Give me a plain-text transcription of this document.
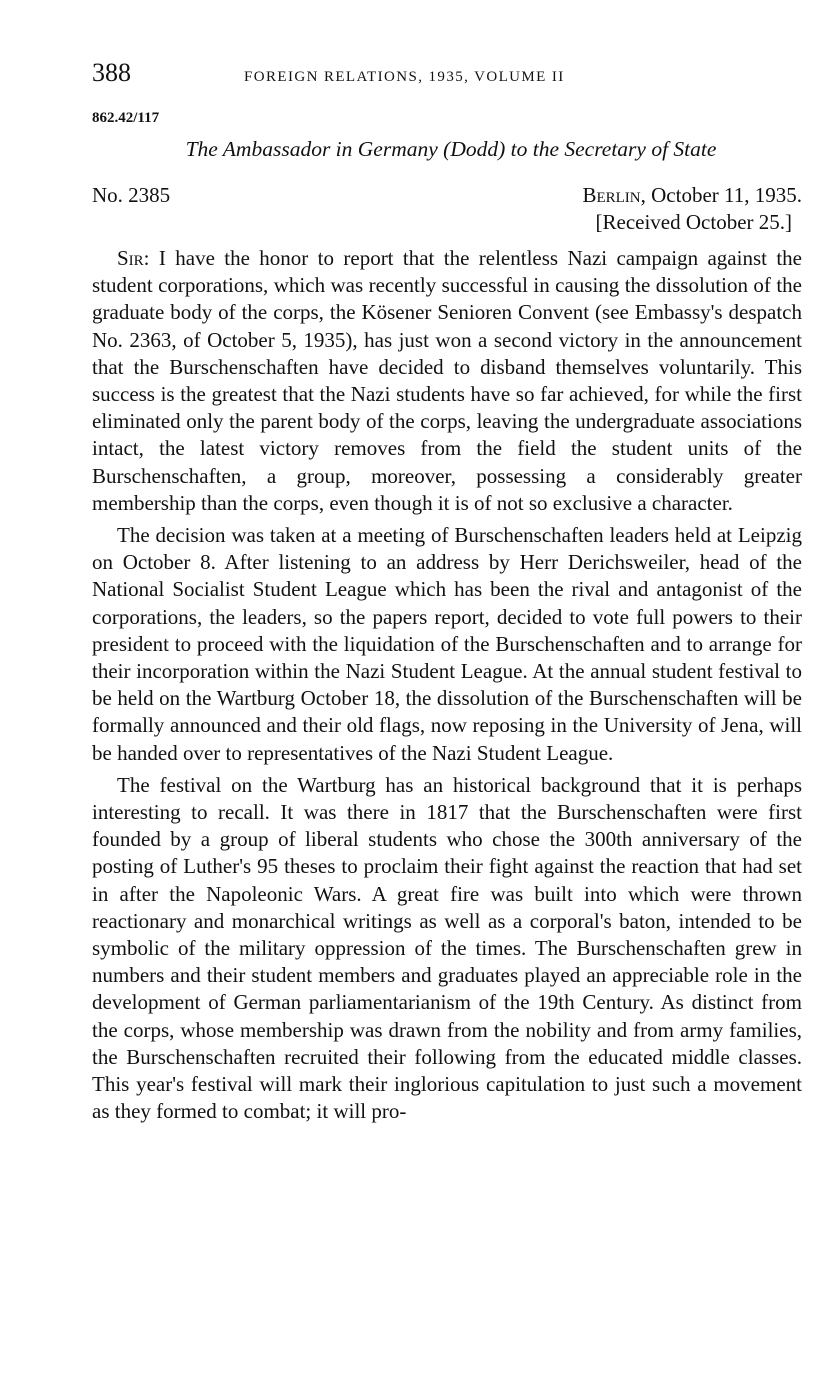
388	FOREIGN RELATIONS, 1935, VOLUME II
862.42/117
The Ambassador in Germany (Dodd) to the Secretary of State
No. 2385	Berlin, October 11, 1935.
[Received October 25.]

Sir: I have the honor to report that the relentless Nazi campaign against the student corporations, which was recently successful in causing the dissolution of the graduate body of the corps, the Kösener Senioren Convent (see Embassy's despatch No. 2363, of October 5, 1935), has just won a second victory in the announcement that the Burschenschaften have decided to disband themselves voluntarily. This success is the greatest that the Nazi students have so far achieved, for while the first eliminated only the parent body of the corps, leaving the undergraduate associations intact, the latest victory removes from the field the student units of the Burschenschaften, a group, moreover, possessing a considerably greater membership than the corps, even though it is of not so exclusive a character.

The decision was taken at a meeting of Burschenschaften leaders held at Leipzig on October 8. After listening to an address by Herr Derichsweiler, head of the National Socialist Student League which has been the rival and antagonist of the corporations, the leaders, so the papers report, decided to vote full powers to their president to proceed with the liquidation of the Burschenschaften and to arrange for their incorporation within the Nazi Student League. At the annual student festival to be held on the Wartburg October 18, the dissolution of the Burschenschaften will be formally announced and their old flags, now reposing in the University of Jena, will be handed over to representatives of the Nazi Student League.

The festival on the Wartburg has an historical background that it is perhaps interesting to recall. It was there in 1817 that the Burschenschaften were first founded by a group of liberal students who chose the 300th anniversary of the posting of Luther's 95 theses to proclaim their fight against the reaction that had set in after the Napoleonic Wars. A great fire was built into which were thrown reactionary and monarchical writings as well as a corporal's baton, intended to be symbolic of the military oppression of the times. The Burschenschaften grew in numbers and their student members and graduates played an appreciable role in the development of German parliamentarianism of the 19th Century. As distinct from the corps, whose membership was drawn from the nobility and from army families, the Burschenschaften recruited their following from the educated middle classes. This year's festival will mark their inglorious capitulation to just such a movement as they formed to combat; it will pro-
